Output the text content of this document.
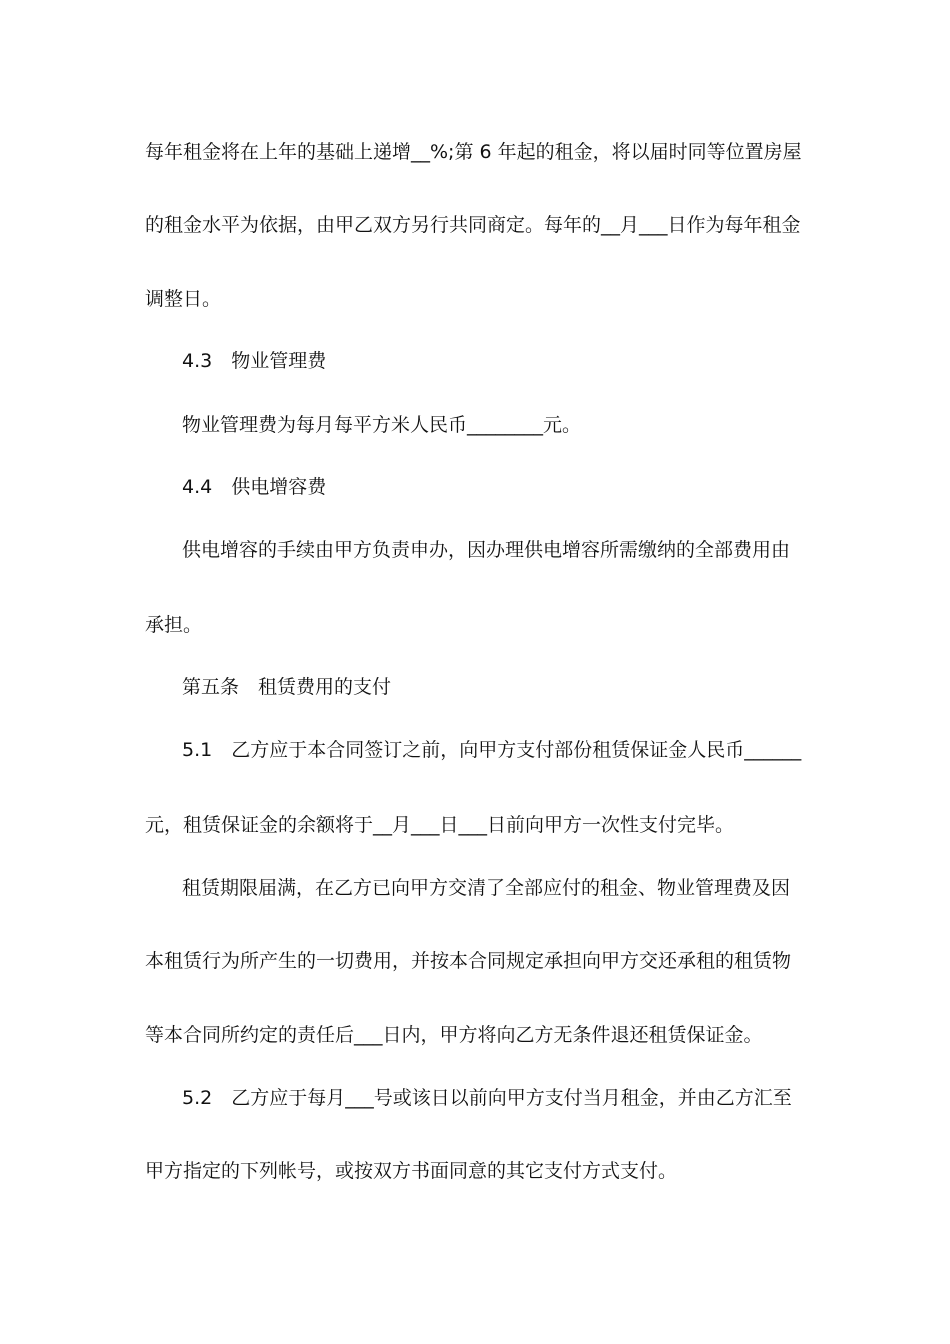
每年租金将在上年的基础上递增__%;第 6 年起的租金，将以届时同等位置房屋
的租金水平为依据，由甲乙双方另行共同商定。每年的__月___日作为每年租金
调整日。
4.3　物业管理费
物业管理费为每月每平方米人民币________元。
4.4　供电增容费
供电增容的手续由甲方负责申办，因办理供电增容所需缴纳的全部费用由
承担。
第五条　租赁费用的支付
5.1　乙方应于本合同签订之前，向甲方支付部份租赁保证金人民币______
元，租赁保证金的余额将于__月___日___日前向甲方一次性支付完毕。
租赁期限届满，在乙方已向甲方交清了全部应付的租金、物业管理费及因
本租赁行为所产生的一切费用，并按本合同规定承担向甲方交还承租的租赁物
等本合同所约定的责任后___日内，甲方将向乙方无条件退还租赁保证金。
5.2　乙方应于每月___号或该日以前向甲方支付当月租金，并由乙方汇至
甲方指定的下列帐号，或按双方书面同意的其它支付方式支付。
